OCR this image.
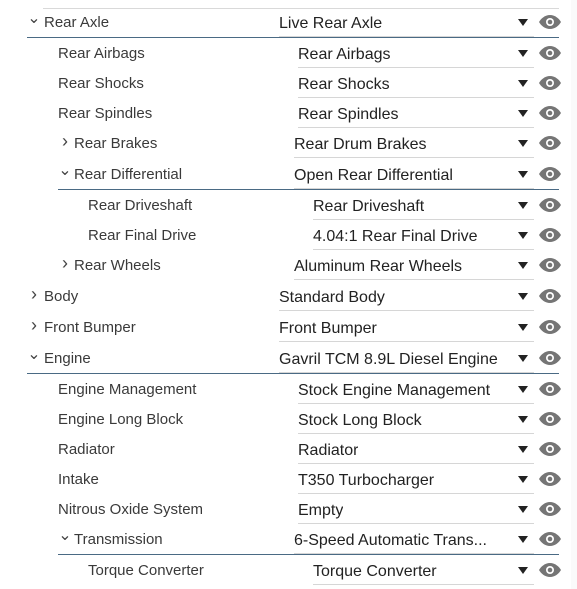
⌄ Rear Axle	Live Rear Axle
Rear Airbags	Rear Airbags
Rear Shocks	Rear Shocks
Rear Spindles	Rear Spindles
› Rear Brakes	Rear Drum Brakes
⌄ Rear Differential	Open Rear Differential
Rear Driveshaft	Rear Driveshaft
Rear Final Drive	4.04:1 Rear Final Drive
› Rear Wheels	Aluminum Rear Wheels
› Body	Standard Body
› Front Bumper	Front Bumper
⌄ Engine	Gavril TCM 8.9L Diesel Engine
Engine Management	Stock Engine Management
Engine Long Block	Stock Long Block
Radiator	Radiator
Intake	T350 Turbocharger
Nitrous Oxide System	Empty
⌄ Transmission	6-Speed Automatic Trans...
Torque Converter	Torque Converter
